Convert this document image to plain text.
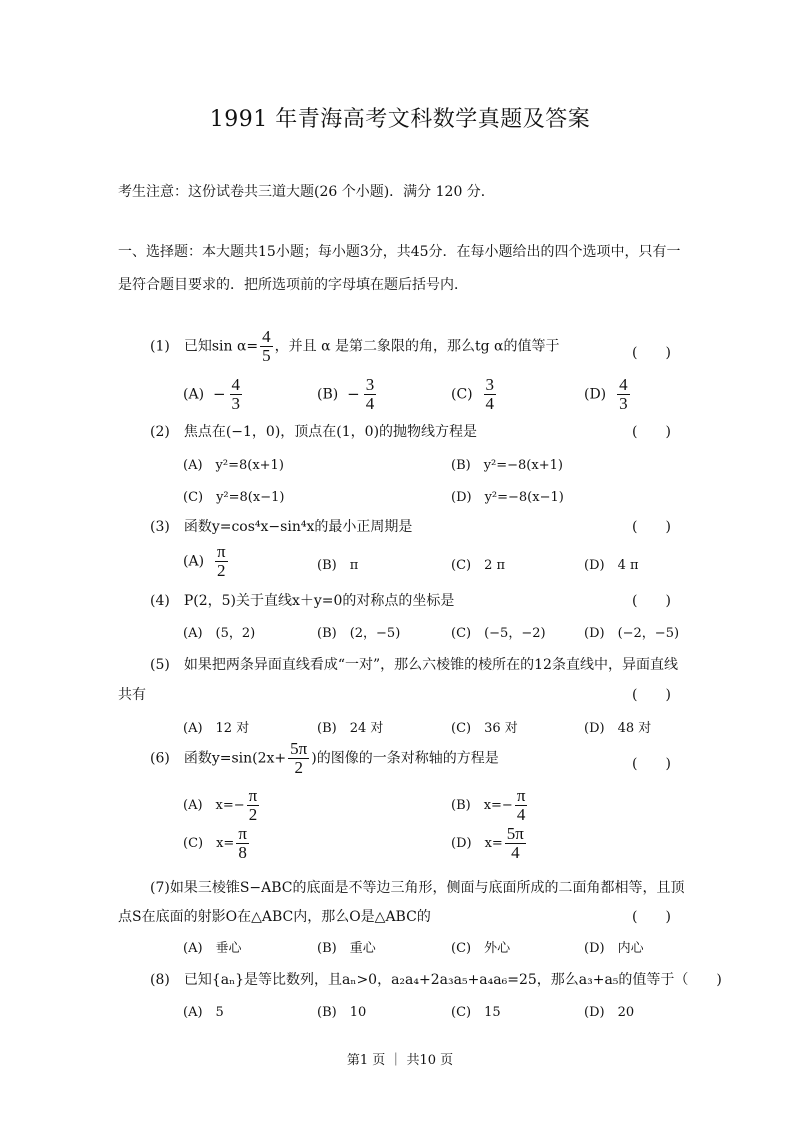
1991 年青海高考文科数学真题及答案
考生注意：这份试卷共三道大题(26 个小题)．满分 120 分．
一、选择题：本大题共15小题；每小题3分，共45分．在每小题给出的四个选项中，只有一
是符合题目要求的．把所选项前的字母填在题后括号内．
(1)　已知$\sin \alpha= \frac{4}{5}$ ，并且 α 是第二象限的角，那么tg α的值等于	(　　)
$(A) - \frac{4}{3}$	$(B) - \frac{3}{4}$	$(C) \frac{3}{4}$	$(D) \frac{4}{3}$
(2)　焦点在(−1，0)，顶点在(1，0)的抛物线方程是	(　　)
(A)　y²=8(x+1)	(B)　y²=−8(x+1)
(C)　y²=8(x−1)	(D)　y²=−8(x−1)
(3)　函数y=cos⁴x−sin⁴x的最小正周期是	(　　)
$(A) \frac{\pi}{2}$	(B)　π	(C)　2 π	(D)　4 π
(4)　P(2，5)关于直线x＋y=0的对称点的坐标是	(　　)
(A)　(5，2)	(B)　(2，−5)	(C)　(−5，−2)	(D)　(−2，−5)
(5)　如果把两条异面直线看成“一对”，那么六棱锥的棱所在的12条直线中，异面直线
共有	(　　)
(A)　12 对	(B)　24 对	(C)　36 对	(D)　48 对
(6)　函数$y=\sin(2x+ \frac{5\pi}{2}$ )的图像的一条对称轴的方程是	(　　)
(A)　$x=- \frac{\pi}{2}$	(B)　$x=- \frac{\pi}{4}$
(C)　$x= \frac{\pi}{8}$	(D)　$x= \frac{5\pi}{4}$
(7)如果三棱锥S−ABC的底面是不等边三角形，侧面与底面所成的二面角都相等，且顶
点S在底面的射影O在△ABC内，那么O是△ABC的	(　　)
(A)　垂心	(B)　重心	(C)　外心	(D)　内心
(8)　已知{aₙ}是等比数列，且aₙ>0，a₂a₄+2a₃a₅+a₄a₆=25，那么a₃+a₅的值等于（　　)
(A)　5	(B)　10	(C)　15	(D)　20
第1 页 ｜ 共10 页
